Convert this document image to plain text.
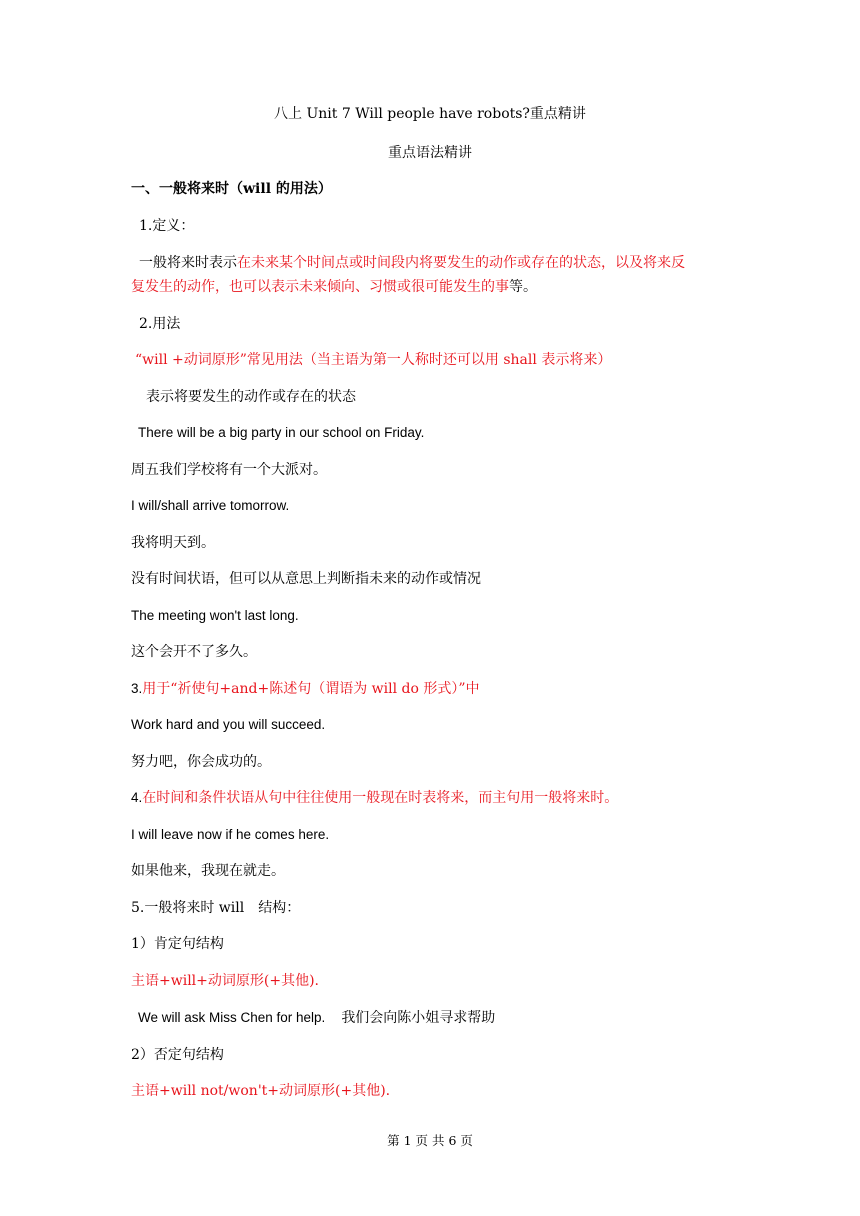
八上 Unit 7 Will people have robots?重点精讲
重点语法精讲
一、一般将来时（will 的用法）
1.定义：
一般将来时表示在未来某个时间点或时间段内将要发生的动作或存在的状态，以及将来反
复发生的动作，也可以表示未来倾向、习惯或很可能发生的事等。
2.用法
“will +动词原形”常见用法（当主语为第一人称时还可以用 shall 表示将来）
表示将要发生的动作或存在的状态
There will be a big party in our school on Friday.
周五我们学校将有一个大派对。
I will/shall arrive tomorrow.
我将明天到。
没有时间状语，但可以从意思上判断指未来的动作或情况
The meeting won't last long.
这个会开不了多久。
3.用于“祈使句+and+陈述句（谓语为 will do 形式）”中
Work hard and you will succeed.
努力吧，你会成功的。
4.在时间和条件状语从句中往往使用一般现在时表将来，而主句用一般将来时。
I will leave now if he comes here.
如果他来，我现在就走。
5.一般将来时 will　结构：
1）肯定句结构
主语+will+动词原形(+其他).
We will ask Miss Chen for help. 我们会向陈小姐寻求帮助
2）否定句结构
主语+will not/won't+动词原形(+其他).
第 1 页 共 6 页
